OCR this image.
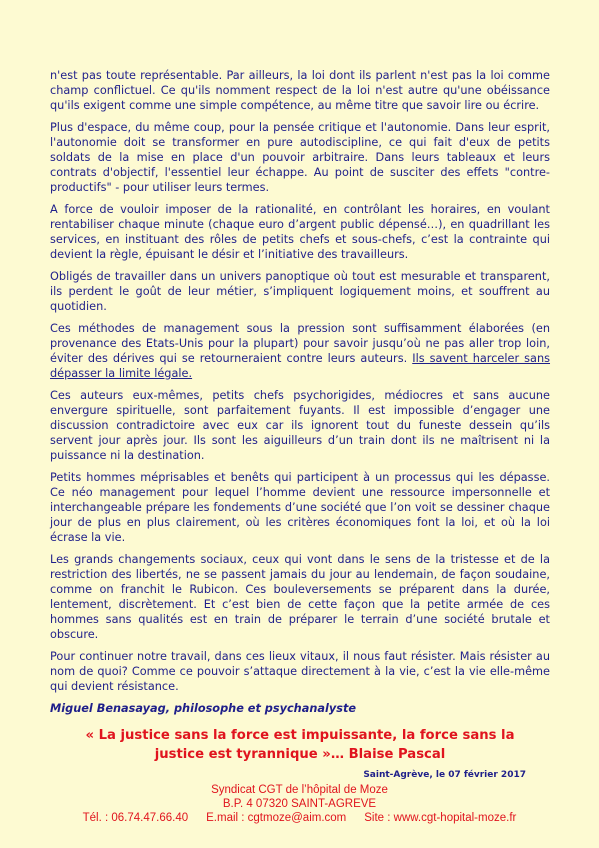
n'est pas toute représentable. Par ailleurs, la loi dont ils parlent n'est pas la loi comme champ conflictuel. Ce qu'ils nomment respect de la loi n'est autre qu'une obéissance qu'ils exigent comme une simple compétence, au même titre que savoir lire ou écrire.

Plus d'espace, du même coup, pour la pensée critique et l'autonomie. Dans leur esprit, l'autonomie doit se transformer en pure autodiscipline, ce qui fait d'eux de petits soldats de la mise en place d'un pouvoir arbitraire. Dans leurs tableaux et leurs contrats d'objectif, l'essentiel leur échappe. Au point de susciter des effets "contre-productifs" - pour utiliser leurs termes.

A force de vouloir imposer de la rationalité, en contrôlant les horaires, en voulant rentabiliser chaque minute (chaque euro d’argent public dépensé…), en quadrillant les services, en instituant des rôles de petits chefs et sous-chefs, c’est la contrainte qui devient la règle, épuisant le désir et l’initiative des travailleurs.

Obligés de travailler dans un univers panoptique où tout est mesurable et transparent, ils perdent le goût de leur métier, s’impliquent logiquement moins, et souffrent au quotidien.

Ces méthodes de management sous la pression sont suffisamment élaborées (en provenance des Etats-Unis pour la plupart) pour savoir jusqu’où ne pas aller trop loin, éviter des dérives qui se retourneraient contre leurs auteurs. Ils savent harceler sans dépasser la limite légale.

Ces auteurs eux-mêmes, petits chefs psychorigides, médiocres et sans aucune envergure spirituelle, sont parfaitement fuyants. Il est impossible d’engager une discussion contradictoire avec eux car ils ignorent tout du funeste dessein qu’ils servent jour après jour. Ils sont les aiguilleurs d’un train dont ils ne maîtrisent ni la puissance ni la destination.

Petits hommes méprisables et benêts qui participent à un processus qui les dépasse. Ce néo management pour lequel l’homme devient une ressource impersonnelle et interchangeable prépare les fondements d’une société que l’on voit se dessiner chaque jour de plus en plus clairement, où les critères économiques font la loi, et où la loi écrase la vie.

Les grands changements sociaux, ceux qui vont dans le sens de la tristesse et de la restriction des libertés, ne se passent jamais du jour au lendemain, de façon soudaine, comme on franchit le Rubicon. Ces bouleversements se préparent dans la durée, lentement, discrètement. Et c’est bien de cette façon que la petite armée de ces hommes sans qualités est en train de préparer le terrain d’une société brutale et obscure.

Pour continuer notre travail, dans ces lieux vitaux, il nous faut résister. Mais résister au nom de quoi? Comme ce pouvoir s’attaque directement à la vie, c’est la vie elle-même qui devient résistance.

Miguel Benasayag, philosophe et psychanalyste

« La justice sans la force est impuissante, la force sans la justice est tyrannique »… Blaise Pascal

Saint-Agrève, le 07 février 2017

Syndicat CGT de l’hôpital de Moze
B.P. 4 07320 SAINT-AGREVE
Tél. : 06.74.47.66.40 E.mail : cgtmoze@aim.com Site : www.cgt-hopital-moze.fr
